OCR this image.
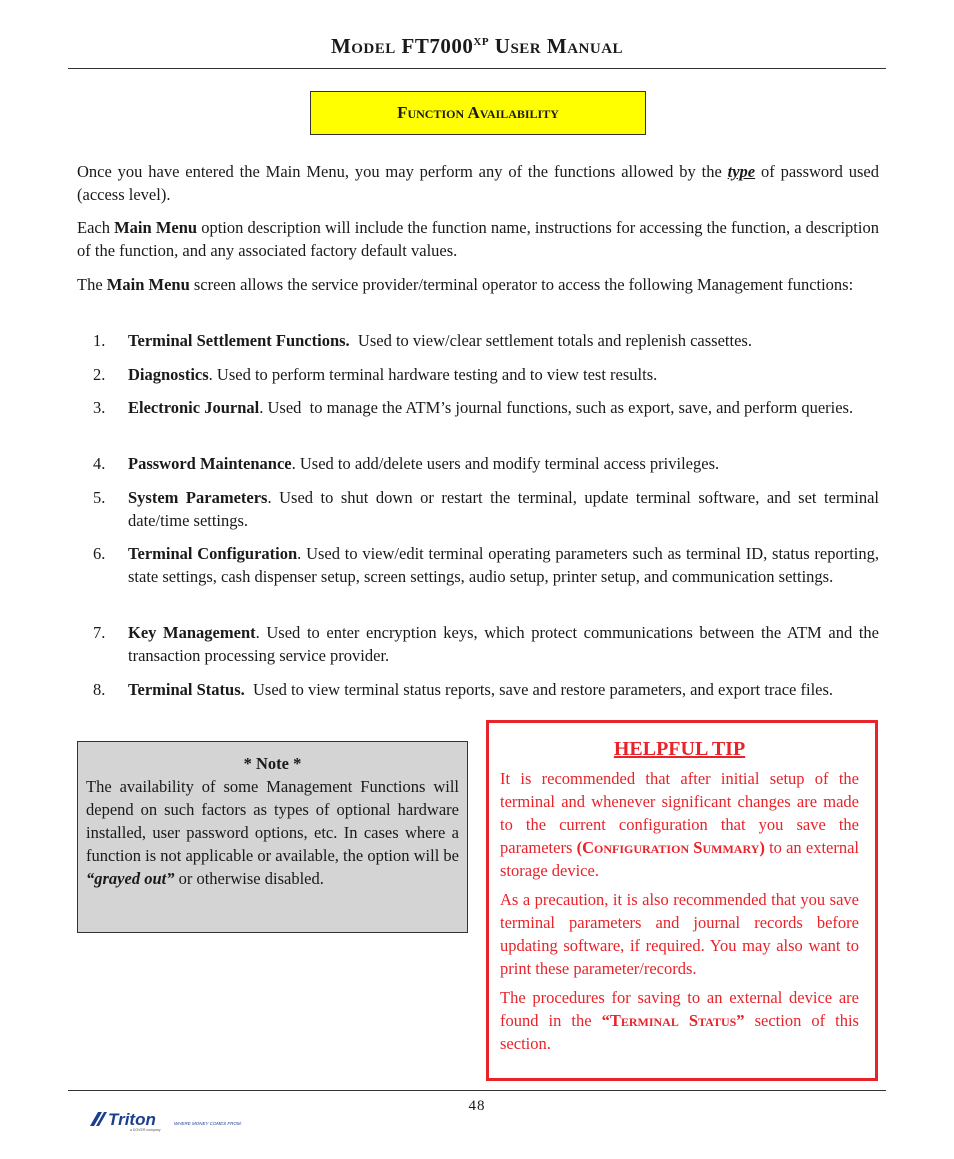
Model $FT7000^{XP}$ User Manual
Function Availability

Once you have entered the Main Menu, you may perform any of the functions allowed by the type of password used (access level).

Each Main Menu option description will include the function name, instructions for accessing the function, a description of the function, and any associated factory default values.

The Main Menu screen allows the service provider/terminal operator to access the following Management functions:

1.	Terminal Settlement Functions.  Used to view/clear settlement totals and replenish cassettes.
2.	Diagnostics. Used to perform terminal hardware testing and to view test results.
3.	Electronic Journal. Used  to manage the ATM’s journal functions, such as export, save, and perform queries.
4.	Password Maintenance. Used to add/delete users and modify terminal access privileges.
5.	System Parameters. Used to shut down or restart the terminal, update terminal software, and set terminal date/time settings.
6.	Terminal Configuration. Used to view/edit terminal operating parameters such as terminal ID, status reporting, state settings, cash dispenser setup, screen settings, audio setup, printer setup, and communication settings.
7.	Key Management. Used to enter encryption keys, which protect communications between the ATM and the transaction processing service provider.
8.	Terminal Status.  Used to view terminal status reports, save and restore parameters, and export trace files.
* Note *
The availability of some Management Functions will depend on such factors as types of optional hardware installed, user password options, etc. In cases where a function is not applicable or available, the option will be “grayed out” or otherwise disabled.
HELPFUL TIP

It is recommended that after initial setup of the terminal and whenever significant changes are made to the current configuration that you save the parameters (Configuration Summary) to an external storage device.

As a precaution, it is also recommended that you save terminal parameters and journal records before updating software, if required. You may also want to print these parameter/records.

The procedures for saving to an external device are found in the “Terminal Status” section of this section.

48
Triton	WHERE MONEY COMES FROM.
a DOVER company
